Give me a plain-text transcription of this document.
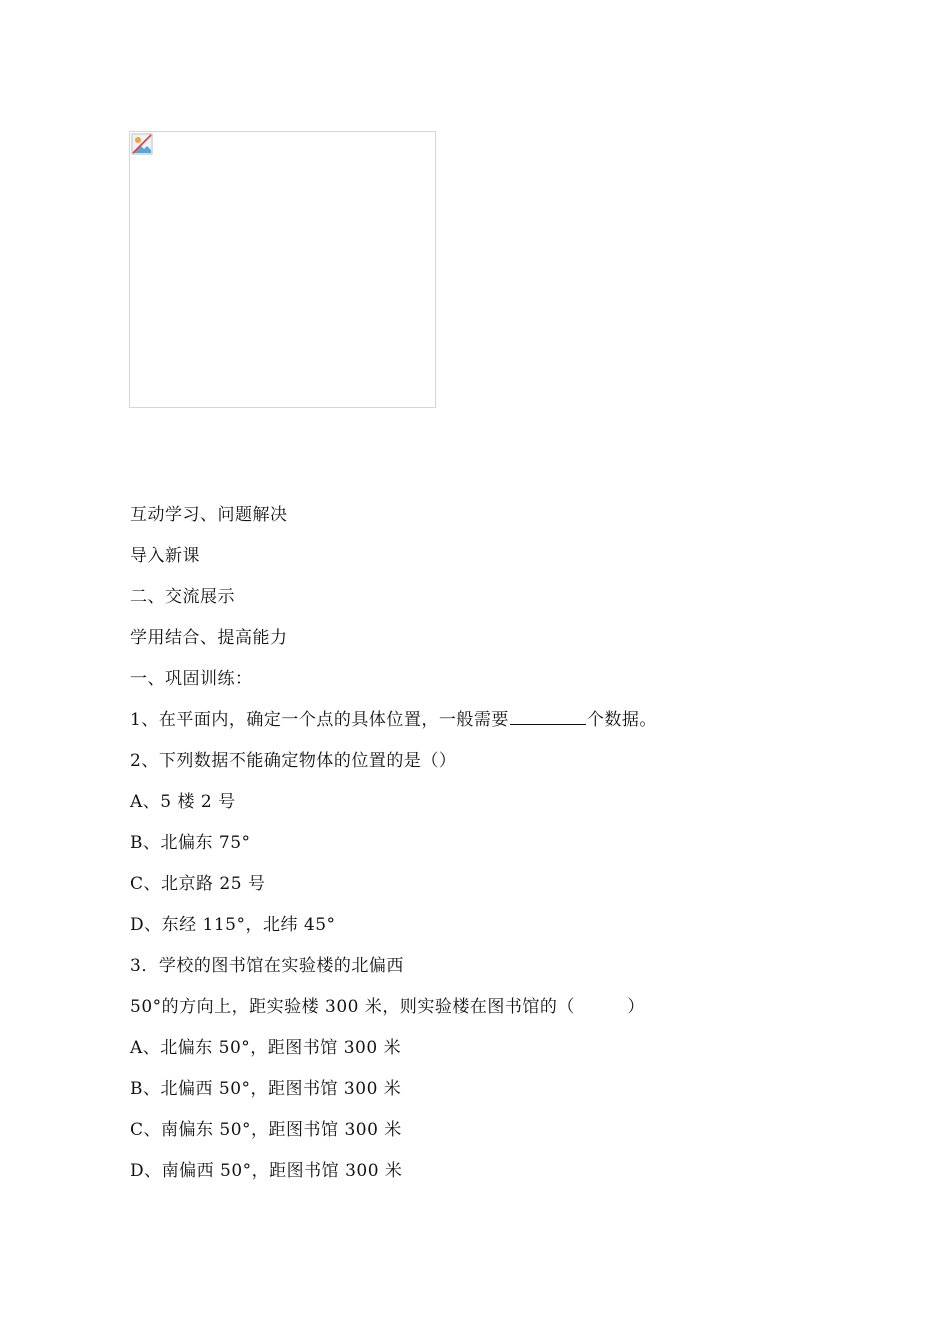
互动学习、问题解决
导入新课
二、交流展示
学用结合、提高能力
一、巩固训练：
1、在平面内，确定一个点的具体位置，一般需要	个数据。
2、下列数据不能确定物体的位置的是（）
A、5 楼 2 号
B、北偏东 75°
C、北京路 25 号
D、东经 115°，北纬 45°
3．学校的图书馆在实验楼的北偏西
50°的方向上，距实验楼 300 米，则实验楼在图书馆的（　　　）
A、北偏东 50°，距图书馆 300 米
B、北偏西 50°，距图书馆 300 米
C、南偏东 50°，距图书馆 300 米
D、南偏西 50°，距图书馆 300 米
